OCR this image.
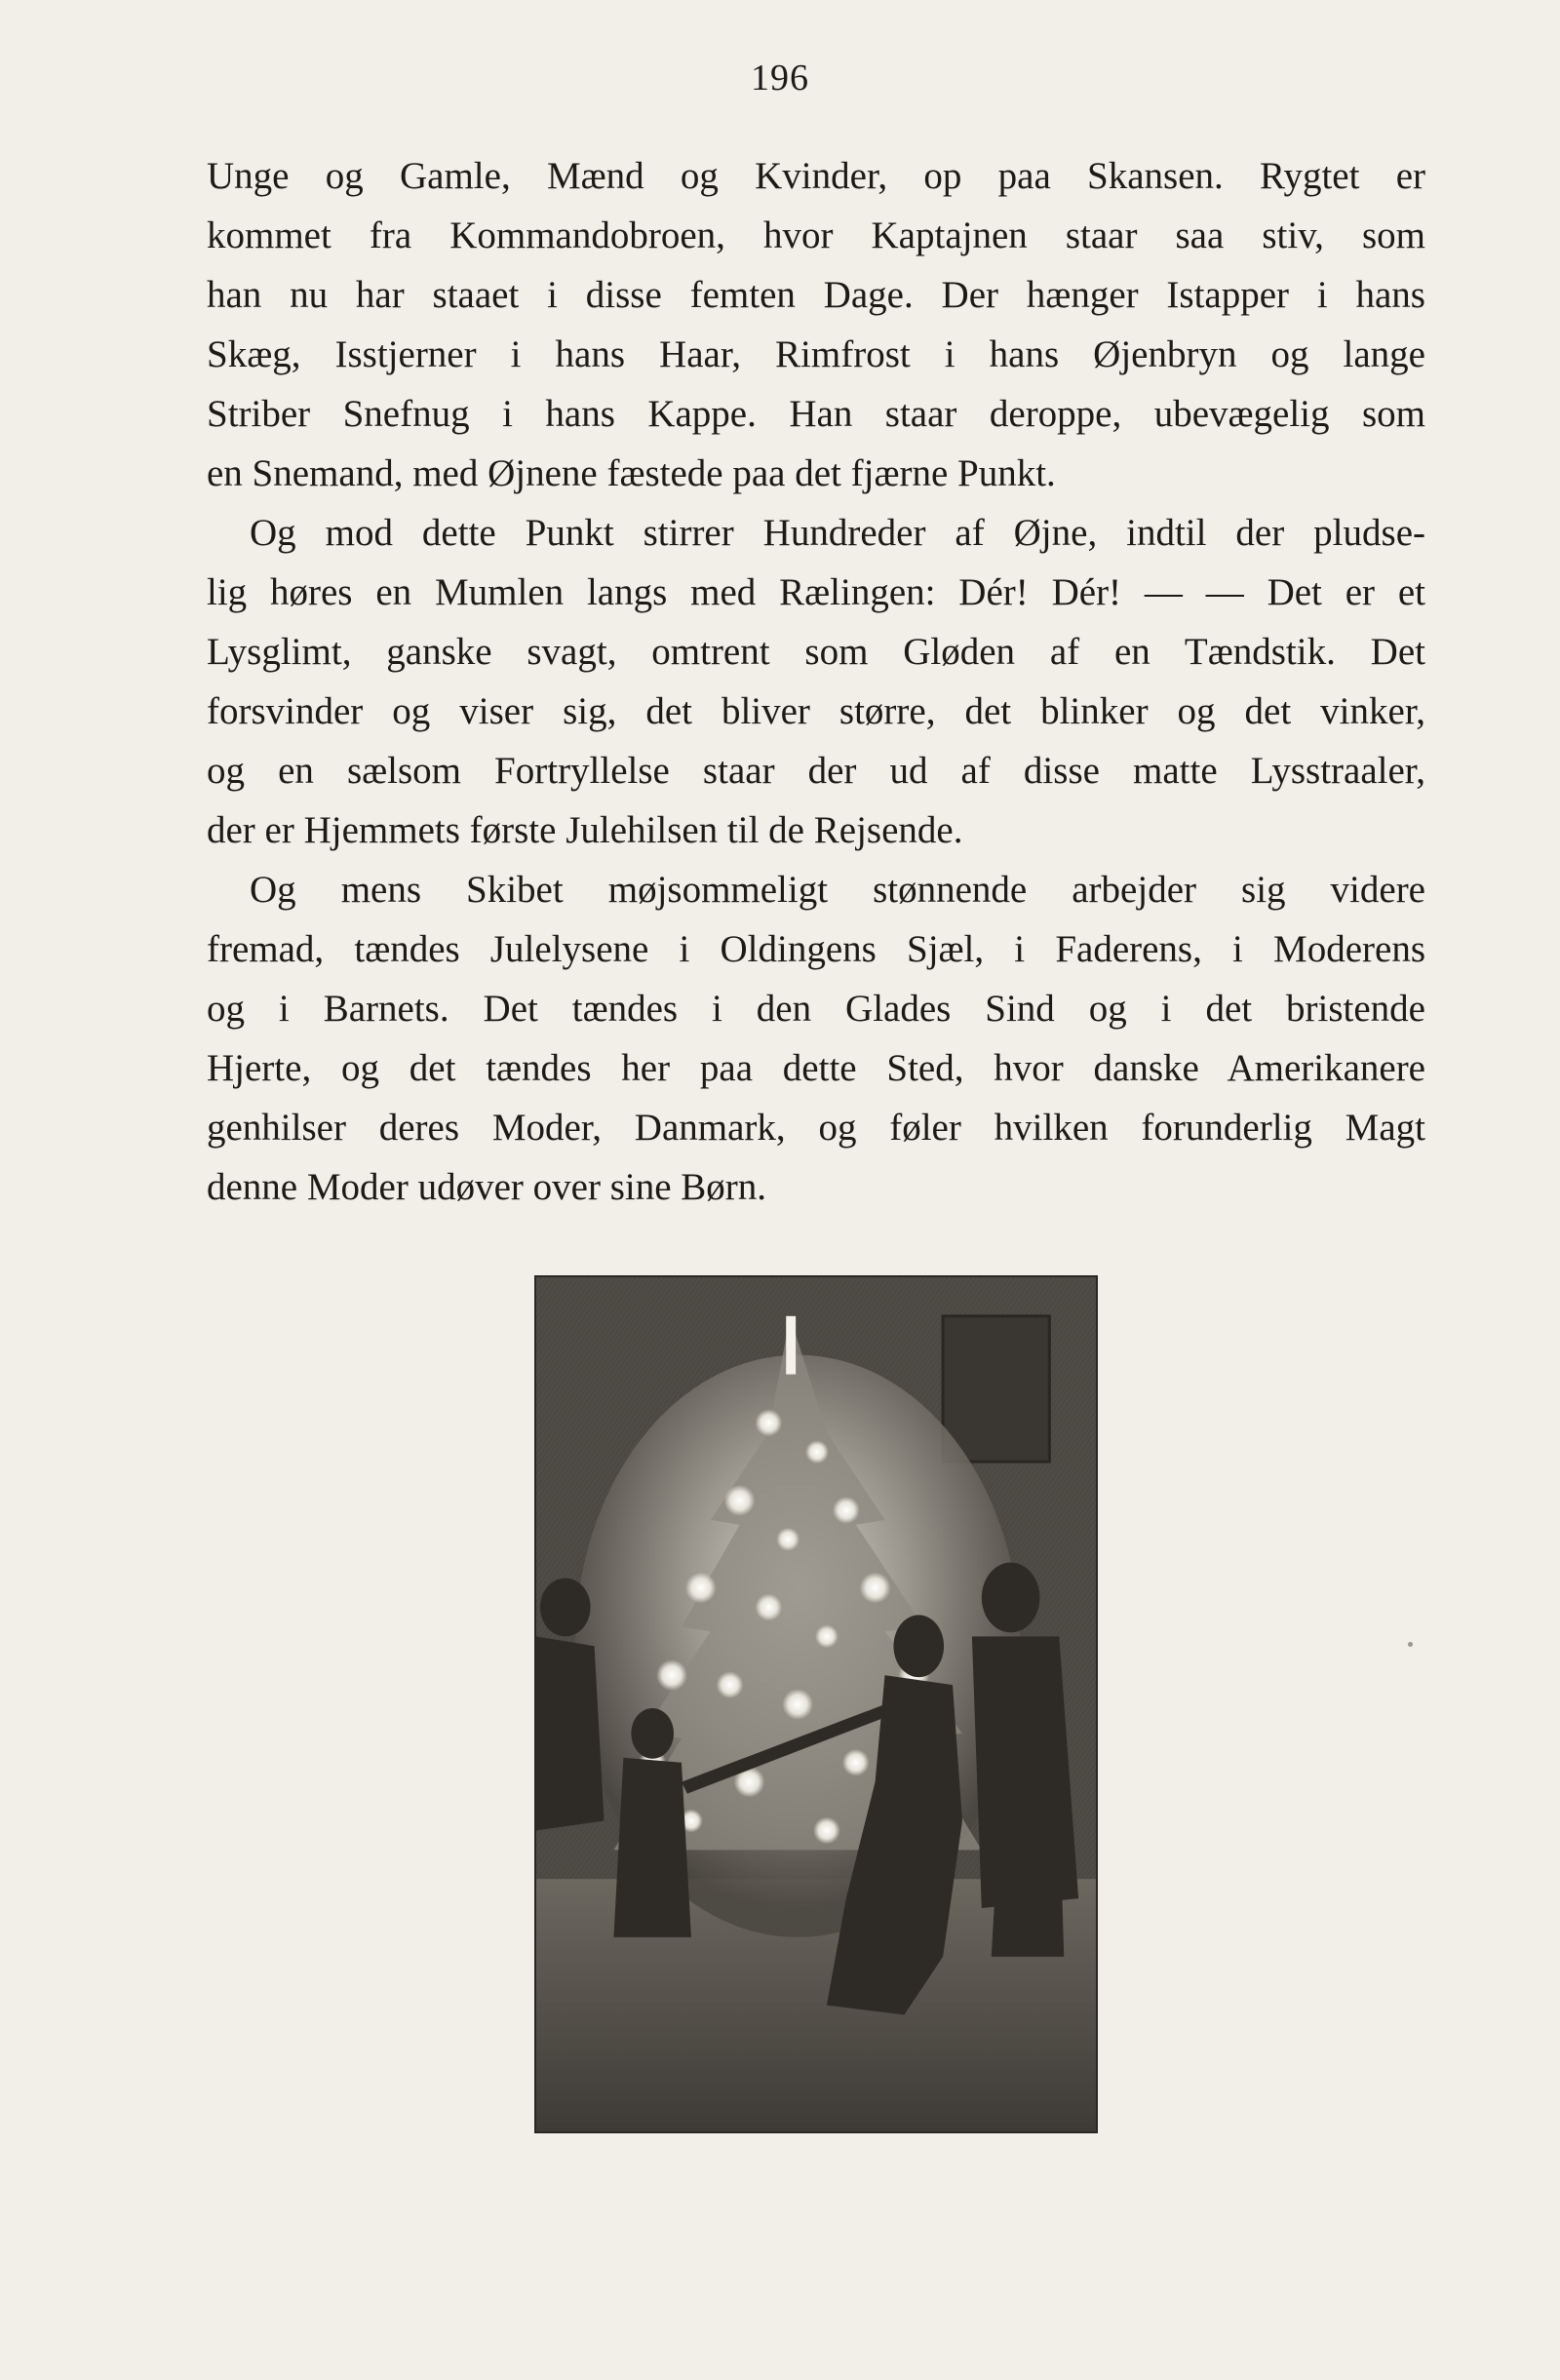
196
Unge og Gamle, Mænd og Kvinder, op paa Skansen. Rygtet er
kommet fra Kommandobroen, hvor Kaptajnen staar saa stiv, som
han nu har staaet i disse femten Dage. Der hænger Istapper i hans
Skæg, Isstjerner i hans Haar, Rimfrost i hans Øjenbryn og lange
Striber Snefnug i hans Kappe. Han staar deroppe, ubevægelig som
en Snemand, med Øjnene fæstede paa det fjærne Punkt.
Og mod dette Punkt stirrer Hundreder af Øjne, indtil der pludse-
lig høres en Mumlen langs med Rælingen: Dér! Dér! — — Det er et
Lysglimt, ganske svagt, omtrent som Gløden af en Tændstik. Det
forsvinder og viser sig, det bliver større, det blinker og det vinker,
og en sælsom Fortryllelse staar der ud af disse matte Lysstraaler,
der er Hjemmets første Julehilsen til de Rejsende.
Og mens Skibet møjsommeligt stønnende arbejder sig videre
fremad, tændes Julelysene i Oldingens Sjæl, i Faderens, i Moderens
og i Barnets. Det tændes i den Glades Sind og i det bristende
Hjerte, og det tændes her paa dette Sted, hvor danske Amerikanere
genhilser deres Moder, Danmark, og føler hvilken forunderlig Magt
denne Moder udøver over sine Børn.
